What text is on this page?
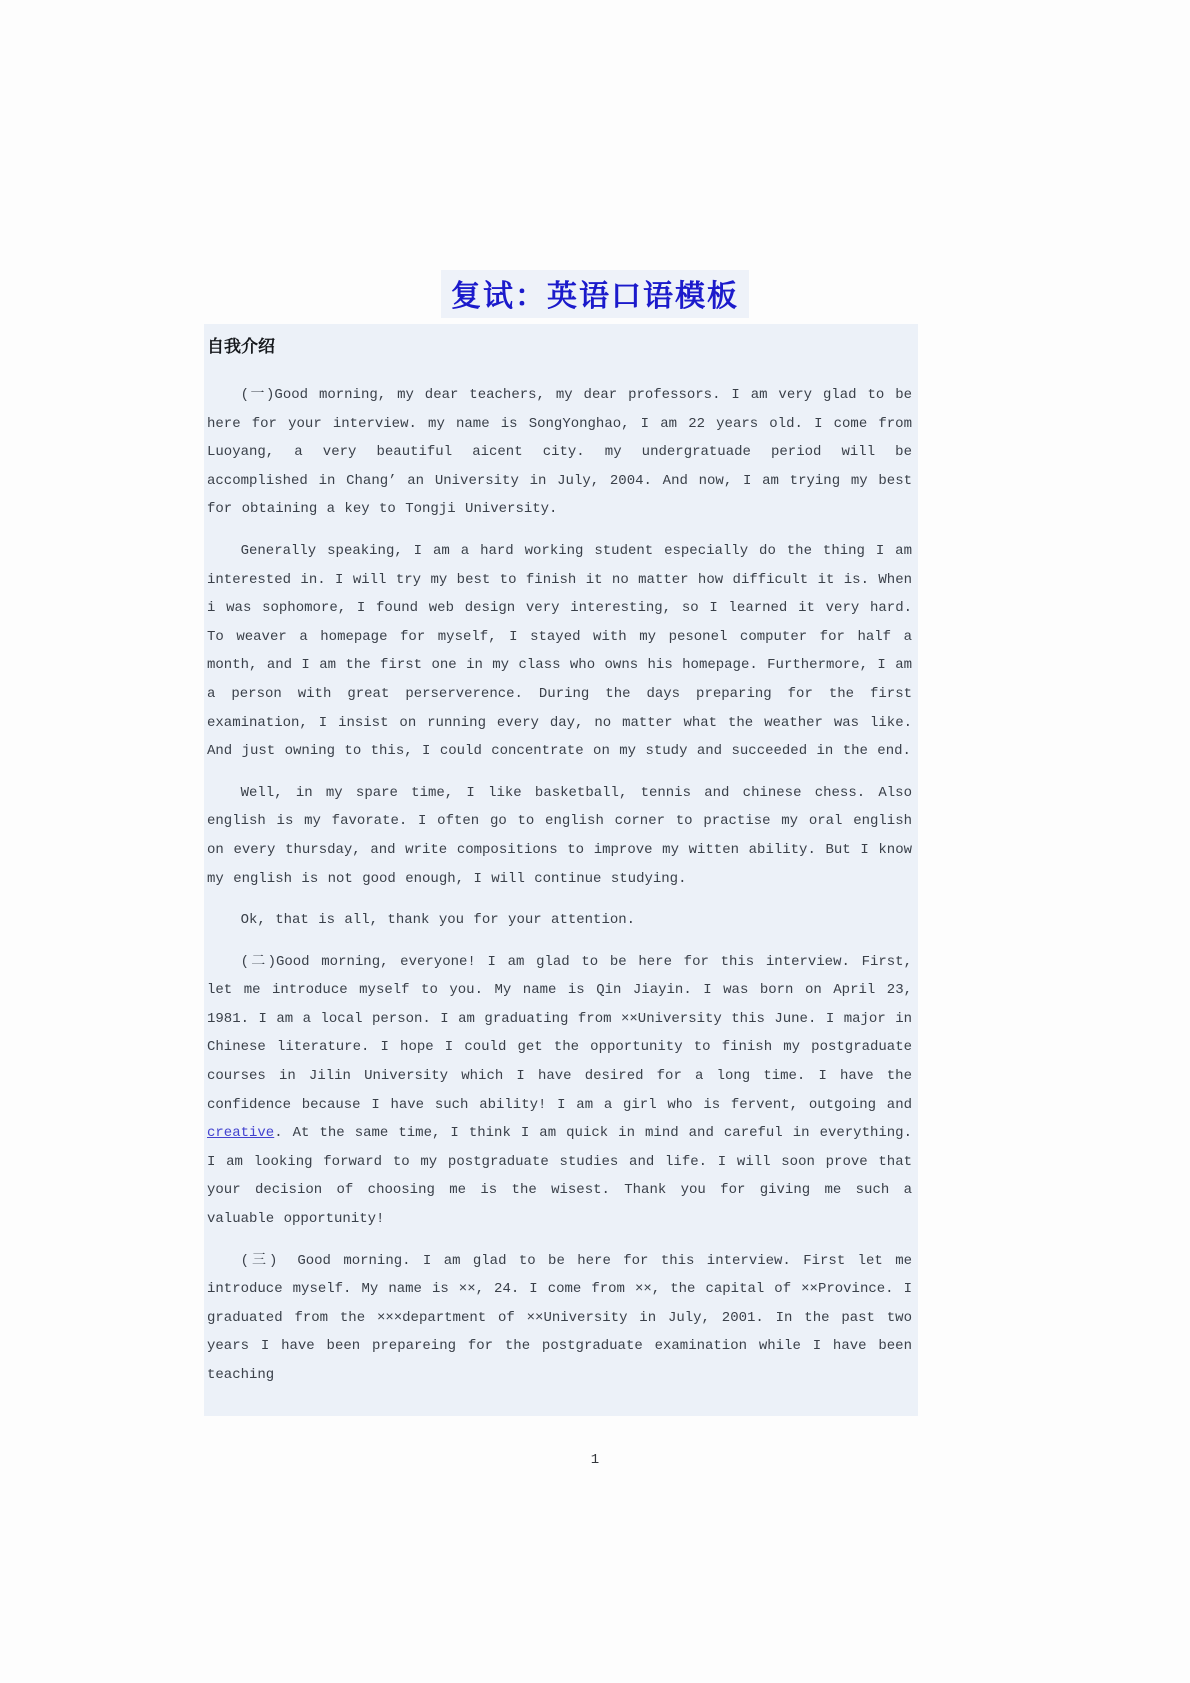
复试：英语口语模板
自我介绍

(一)Good morning, my dear teachers, my dear professors. I am very glad to be here for your interview. my name is SongYonghao, I am 22 years old. I come from Luoyang, a very beautiful aicent city. my undergratuade period will be accomplished in Chang’ an University in July, 2004. And now, I am trying my best for obtaining a key to Tongji University.

Generally speaking, I am a hard working student especially do the thing I am interested in. I will try my best to finish it no matter how difficult it is. When i was sophomore, I found web design very interesting, so I learned it very hard. To weaver a homepage for myself, I stayed with my pesonel computer for half a month, and I am the first one in my class who owns his homepage. Furthermore, I am a person with great perserverence. During the days preparing for the first examination, I insist on running every day, no matter what the weather was like. And just owning to this, I could concentrate on my study and succeeded in the end.

Well, in my spare time, I like basketball, tennis and chinese chess. Also english is my favorate. I often go to english corner to practise my oral english on every thursday, and write compositions to improve my witten ability. But I know my english is not good enough, I will continue studying.

Ok, that is all, thank you for your attention.

(二)Good morning, everyone! I am glad to be here for this interview. First, let me introduce myself to you. My name is Qin Jiayin. I was born on April 23, 1981. I am a local person. I am graduating from ××University this June. I major in Chinese literature. I hope I could get the opportunity to finish my postgraduate courses in Jilin University which I have desired for a long time. I have the confidence because I have such ability! I am a girl who is fervent, outgoing and creative. At the same time, I think I am quick in mind and careful in everything. I am looking forward to my postgraduate studies and life. I will soon prove that your decision of choosing me is the wisest. Thank you for giving me such a valuable opportunity!

(三)　Good morning. I am glad to be here for this interview. First let me introduce myself. My name is ××, 24. I come from ××, the capital of ××Province. I graduated from the ×××department of ××University in July, 2001. In the past two years I have been prepareing for the postgraduate examination while I have been teaching

1
